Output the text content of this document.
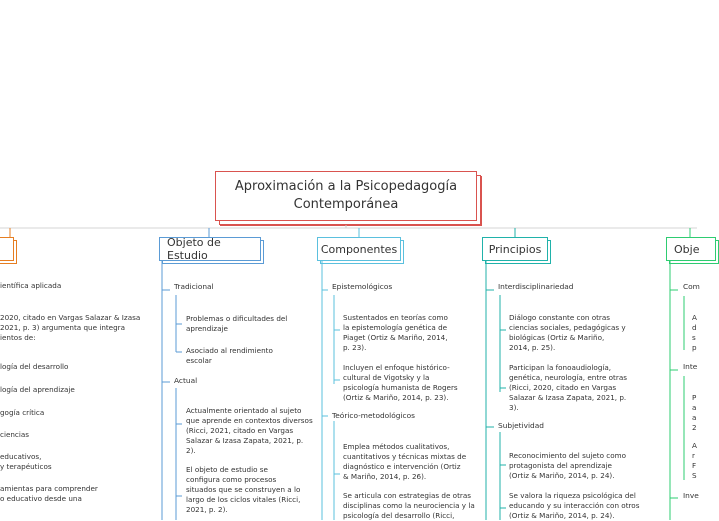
Aproximación a la Psicopedagogía
Contemporánea
Objeto de Estudio	Componentes	Principios	Obje
ientífica aplicada
2020, citado en Vargas Salazar & Izasa
2021, p. 3) argumenta que integra
ientos de:
logía del desarrollo
logía del aprendizaje
gogía crítica
ciencias
educativos,
y terapéuticos
amientas para comprender
o educativo desde una
Tradicional
Problemas o dificultades del
aprendizaje
Asociado al rendimiento
escolar
Actual
Actualmente orientado al sujeto
que aprende en contextos diversos
(Ricci, 2021, citado en Vargas
Salazar & Izasa Zapata, 2021, p.
2).
El objeto de estudio se
configura como procesos
situados que se construyen a lo
largo de los ciclos vitales (Ricci,
2021, p. 2).
Epistemológicos
Sustentados en teorías como
la epistemología genética de
Piaget (Ortiz & Mariño, 2014,
p. 23).
Incluyen el enfoque histórico-
cultural de Vigotsky y la
psicología humanista de Rogers
(Ortiz & Mariño, 2014, p. 23).
Teórico-metodológicos
Emplea métodos cualitativos,
cuantitativos y técnicas mixtas de
diagnóstico e intervención (Ortiz
& Mariño, 2014, p. 26).
Se articula con estrategias de otras
disciplinas como la neurociencia y la
psicología del desarrollo (Ricci,
Interdisciplinariedad
Diálogo constante con otras
ciencias sociales, pedagógicas y
biológicas (Ortiz & Mariño,
2014, p. 25).
Participan la fonoaudiología,
genética, neurología, entre otras
(Ricci, 2020, citado en Vargas
Salazar & Izasa Zapata, 2021, p.
3).
Subjetividad
Reconocimiento del sujeto como
protagonista del aprendizaje
(Ortiz & Mariño, 2014, p. 24).
Se valora la riqueza psicológica del
educando y su interacción con otros
(Ortiz & Mariño, 2014, p. 24).
Com
A
d
s
p
Inte
P
a
a
2
A
r
F
S
Inve
